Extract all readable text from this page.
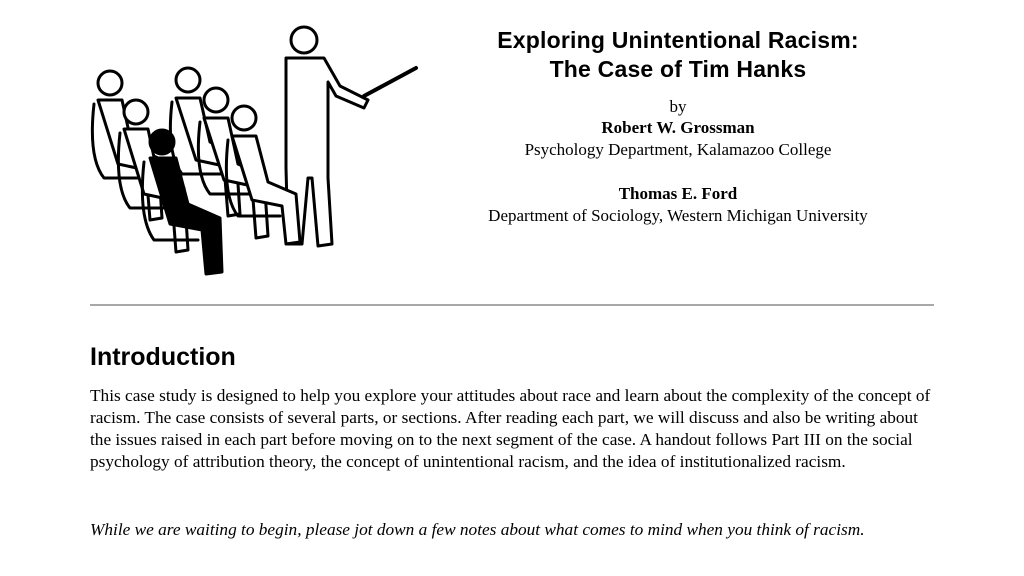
Exploring Unintentional Racism:
The Case of Tim Hanks
by
Robert W. Grossman
Psychology Department, Kalamazoo College
Thomas E. Ford
Department of Sociology, Western Michigan University
Introduction

This case study is designed to help you explore your attitudes about race and learn about the complexity of the concept of racism. The case consists of several parts, or sections. After reading each part, we will discuss and also be writing about the issues raised in each part before moving on to the next segment of the case. A handout follows Part III on the social psychology of attribution theory, the concept of unintentional racism, and the idea of institutionalized racism.

While we are waiting to begin, please jot down a few notes about what comes to mind when you think of racism.
